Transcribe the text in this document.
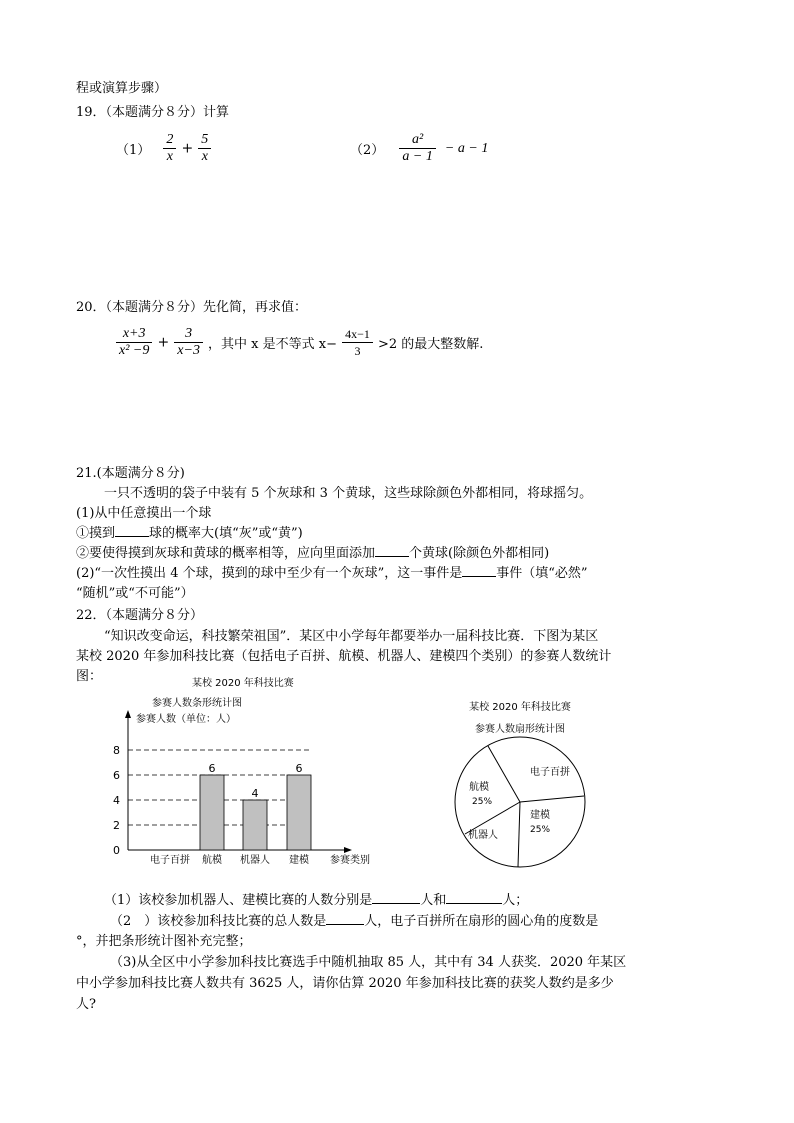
程或演算步骤）
19．（本题满分８分）计算
$(1) \frac{2}{x} + \frac{5}{x}$	$(2) \frac{\text{a²}}{a - 1} - a - 1$
20．（本题满分８分）先化简，再求值：
$\frac{x+3}{\text{x² −9}} + \frac{3}{x-3}$ ，其中 x 是不等式 $x- \frac{4x-1}{3} >2$ 的最大整数解.
21.(本题满分８分)
一只不透明的袋子中装有 5 个灰球和 3 个黄球，这些球除颜色外都相同，将球摇匀。
(1)从中任意摸出一个球
①摸到	球的概率大(填“灰”或“黄”)
②要使得摸到灰球和黄球的概率相等，应向里面添加	个黄球(除颜色外都相同)
(2)“一次性摸出 4 个球，摸到的球中至少有一个灰球”，这一事件是	事件（填“必然”
“随机”或“不可能”）
22．（本题满分８分）
“知识改变命运，科技繁荣祖国”．某区中小学每年都要举办一届科技比赛．下图为某区
某校 2020 年参加科技比赛（包括电子百拼、航模、机器人、建模四个类别）的参赛人数统计
图：	某校 2020 年科技比赛
参赛人数条形统计图
参赛人数（单位：人）
参赛类别
0
2
4
6
8
电子百拼 航模
6
机器人
4
建模
6
某校 2020 年科技比赛
参赛人数扇形统计图
电子百拼
建模
25%
机器人
航模
25%
（1）该校参加机器人、建模比赛的人数分别是	人和	人；
（2　）该校参加科技比赛的总人数是	人，电子百拼所在扇形的圆心角的度数是
°，并把条形统计图补充完整；
（3)从全区中小学参加科技比赛选手中随机抽取 85 人，其中有 34 人获奖．2020 年某区
中小学参加科技比赛人数共有 3625 人，请你估算 2020 年参加科技比赛的获奖人数约是多少
人?
